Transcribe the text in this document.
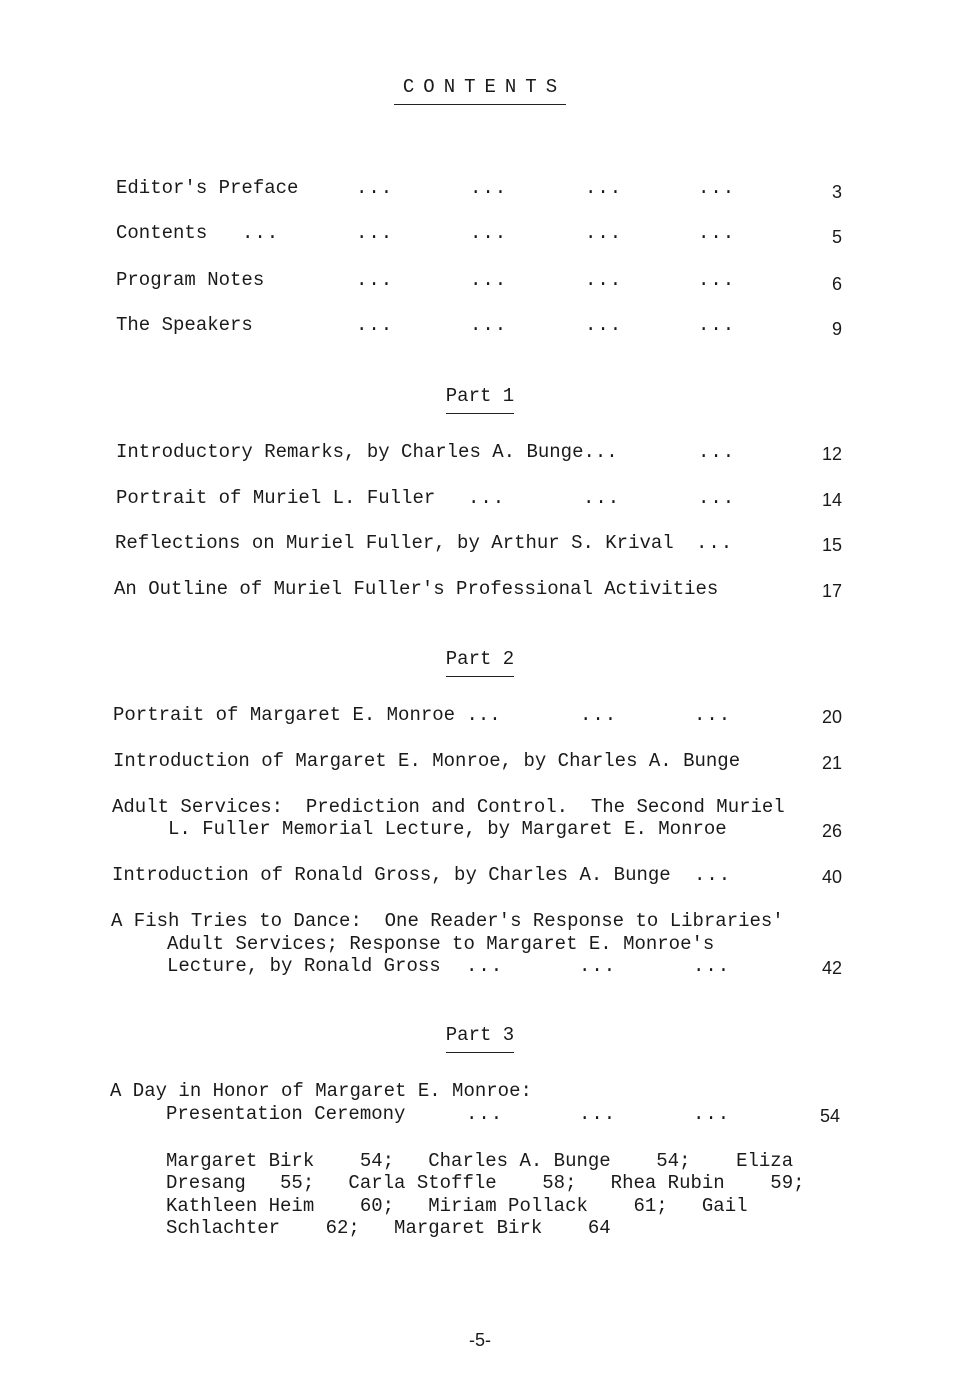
CONTENTS
Editor's Preface	...	...	...	...	3
Contents ...	...	...	...	...	5
Program Notes	...	...	...	...	6
The Speakers	...	...	...	...	9
Part 1
Introductory Remarks, by Charles A. Bunge...	...	12
Portrait of Muriel L. Fuller ...	...	...	14
Reflections on Muriel Fuller, by Arthur S. Krival ...	15
An Outline of Muriel Fuller's Professional Activities	17
Part 2
Portrait of Margaret E. Monroe ...	...	...	20
Introduction of Margaret E. Monroe, by Charles A. Bunge	21
Adult Services:  Prediction and Control.  The Second Muriel
L. Fuller Memorial Lecture, by Margaret E. Monroe	26
Introduction of Ronald Gross, by Charles A. Bunge ...	40
A Fish Tries to Dance:  One Reader's Response to Libraries'
Adult Services; Response to Margaret E. Monroe's
Lecture, by Ronald Gross ...	...	...	42
Part 3
A Day in Honor of Margaret E. Monroe:
Presentation Ceremony	...	...	...	54
Margaret Birk    54;   Charles A. Bunge    54;    Eliza
Dresang   55;   Carla Stoffle    58;   Rhea Rubin    59;
Kathleen Heim    60;   Miriam Pollack    61;   Gail
Schlachter    62;   Margaret Birk    64
-5-
